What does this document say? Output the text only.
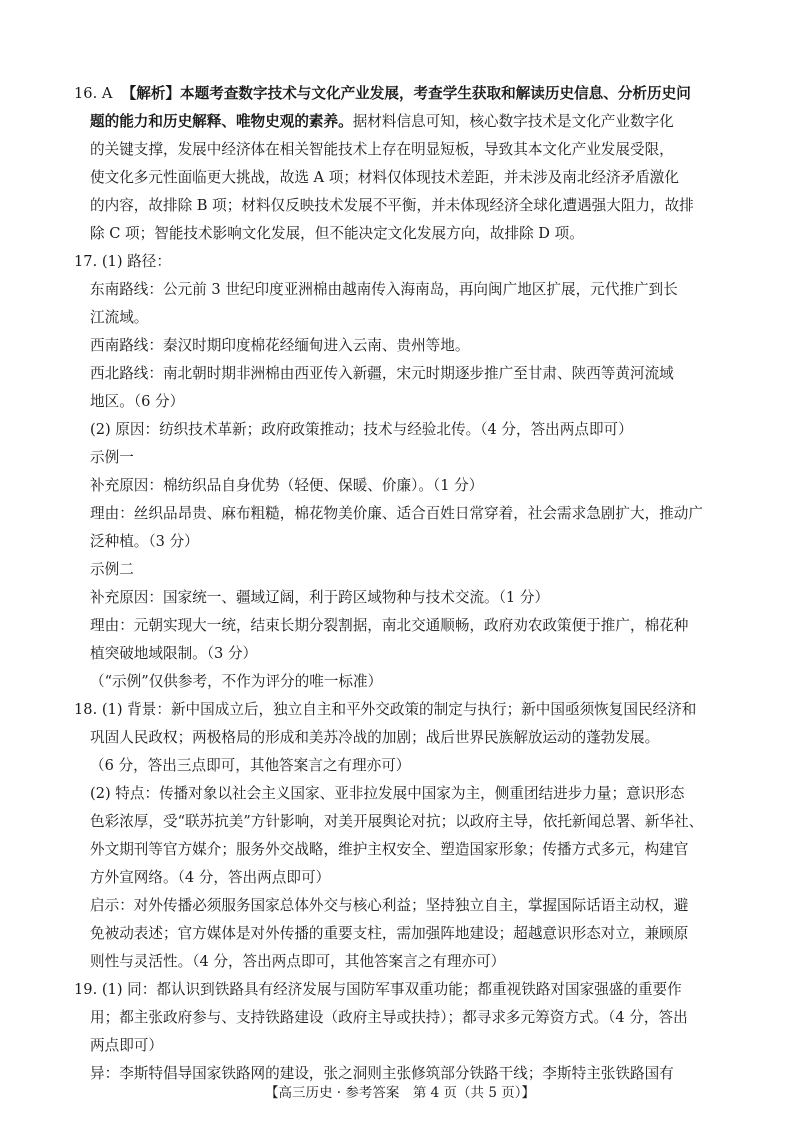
16. A 【解析】本题考查数字技术与文化产业发展，考查学生获取和解读历史信息、分析历史问
题的能力和历史解释、唯物史观的素养。据材料信息可知，核心数字技术是文化产业数字化
的关键支撑，发展中经济体在相关智能技术上存在明显短板，导致其本文化产业发展受限，
使文化多元性面临更大挑战，故选 A 项；材料仅体现技术差距，并未涉及南北经济矛盾激化
的内容，故排除 B 项；材料仅反映技术发展不平衡，并未体现经济全球化遭遇强大阻力，故排
除 C 项；智能技术影响文化发展，但不能决定文化发展方向，故排除 D 项。
17. (1) 路径：
东南路线：公元前 3 世纪印度亚洲棉由越南传入海南岛，再向闽广地区扩展，元代推广到长
江流域。
西南路线：秦汉时期印度棉花经缅甸进入云南、贵州等地。
西北路线：南北朝时期非洲棉由西亚传入新疆，宋元时期逐步推广至甘肃、陕西等黄河流域
地区。（6 分）
(2) 原因：纺织技术革新；政府政策推动；技术与经验北传。（4 分，答出两点即可）
示例一
补充原因：棉纺织品自身优势（轻便、保暖、价廉）。（1 分）
理由：丝织品昂贵、麻布粗糙，棉花物美价廉、适合百姓日常穿着，社会需求急剧扩大，推动广
泛种植。（3 分）
示例二
补充原因：国家统一、疆域辽阔，利于跨区域物种与技术交流。（1 分）
理由：元朝实现大一统，结束长期分裂割据，南北交通顺畅，政府劝农政策便于推广，棉花种
植突破地域限制。（3 分）
（“示例”仅供参考，不作为评分的唯一标准）
18. (1) 背景：新中国成立后，独立自主和平外交政策的制定与执行；新中国亟须恢复国民经济和
巩固人民政权；两极格局的形成和美苏冷战的加剧；战后世界民族解放运动的蓬勃发展。
（6 分，答出三点即可，其他答案言之有理亦可）
(2) 特点：传播对象以社会主义国家、亚非拉发展中国家为主，侧重团结进步力量；意识形态
色彩浓厚，受“联苏抗美”方针影响，对美开展舆论对抗；以政府主导，依托新闻总署、新华社、
外文期刊等官方媒介；服务外交战略，维护主权安全、塑造国家形象；传播方式多元，构建官
方外宣网络。（4 分，答出两点即可）
启示：对外传播必须服务国家总体外交与核心利益；坚持独立自主，掌握国际话语主动权，避
免被动表述；官方媒体是对外传播的重要支柱，需加强阵地建设；超越意识形态对立，兼顾原
则性与灵活性。（4 分，答出两点即可，其他答案言之有理亦可）
19. (1) 同：都认识到铁路具有经济发展与国防军事双重功能；都重视铁路对国家强盛的重要作
用；都主张政府参与、支持铁路建设（政府主导或扶持）；都寻求多元筹资方式。（4 分，答出
两点即可）
异：李斯特倡导国家铁路网的建设，张之洞则主张修筑部分铁路干线；李斯特主张铁路国有
【高三历史 · 参考答案　第 4 页（共 5 页）】
